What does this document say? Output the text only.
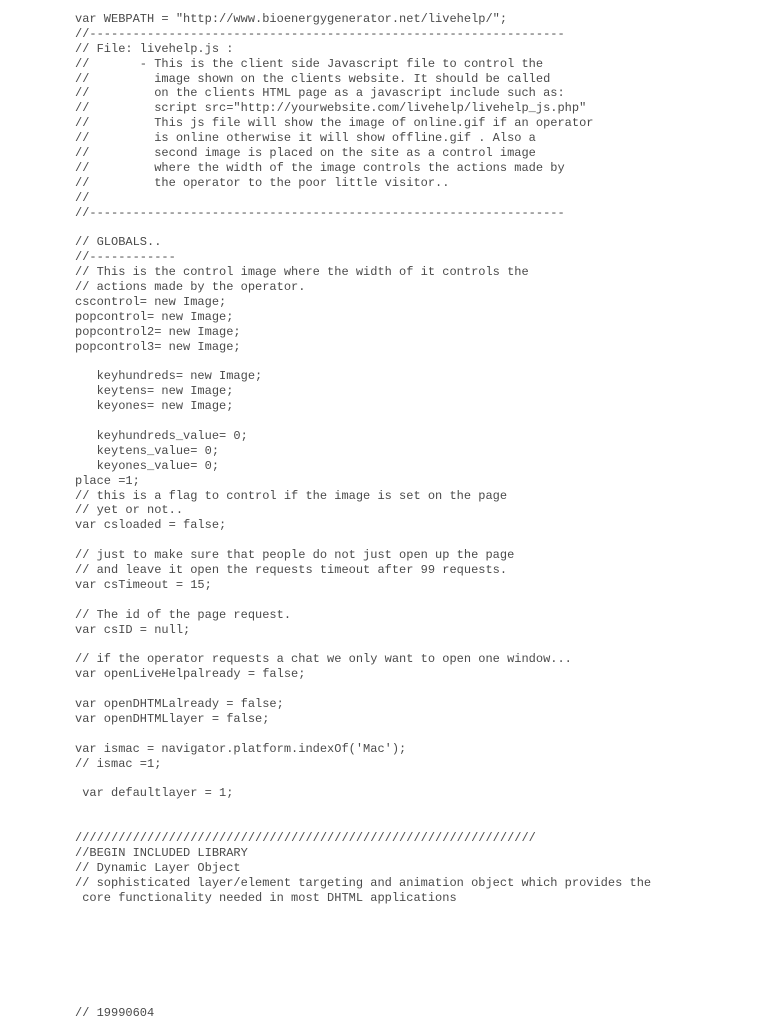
var WEBPATH = "http://www.bioenergygenerator.net/livehelp/";
//------------------------------------------------------------------
// File: livehelp.js :
//       - This is the client side Javascript file to control the
//         image shown on the clients website. It should be called
//         on the clients HTML page as a javascript include such as:
//         script src="http://yourwebsite.com/livehelp/livehelp_js.php"
//         This js file will show the image of online.gif if an operator
//         is online otherwise it will show offline.gif . Also a
//         second image is placed on the site as a control image
//         where the width of the image controls the actions made by
//         the operator to the poor little visitor..
//
//------------------------------------------------------------------
// GLOBALS..
//------------
// This is the control image where the width of it controls the
// actions made by the operator.
cscontrol= new Image;
popcontrol= new Image;
popcontrol2= new Image;
popcontrol3= new Image;
keyhundreds= new Image;
keytens= new Image;
keyones= new Image;
keyhundreds_value= 0;
keytens_value= 0;
keyones_value= 0;
place =1;
// this is a flag to control if the image is set on the page
// yet or not..
var csloaded = false;
// just to make sure that people do not just open up the page
// and leave it open the requests timeout after 99 requests.
var csTimeout = 15;
// The id of the page request.
var csID = null;
// if the operator requests a chat we only want to open one window...
var openLiveHelpalready = false;
var openDHTMLalready = false;
var openDHTMLlayer = false;
var ismac = navigator.platform.indexOf('Mac');
// ismac =1;
var defaultlayer = 1;
////////////////////////////////////////////////////////////////
//BEGIN INCLUDED LIBRARY
// Dynamic Layer Object
// sophisticated layer/element targeting and animation object which provides the
core functionality needed in most DHTML applications
// 19990604
